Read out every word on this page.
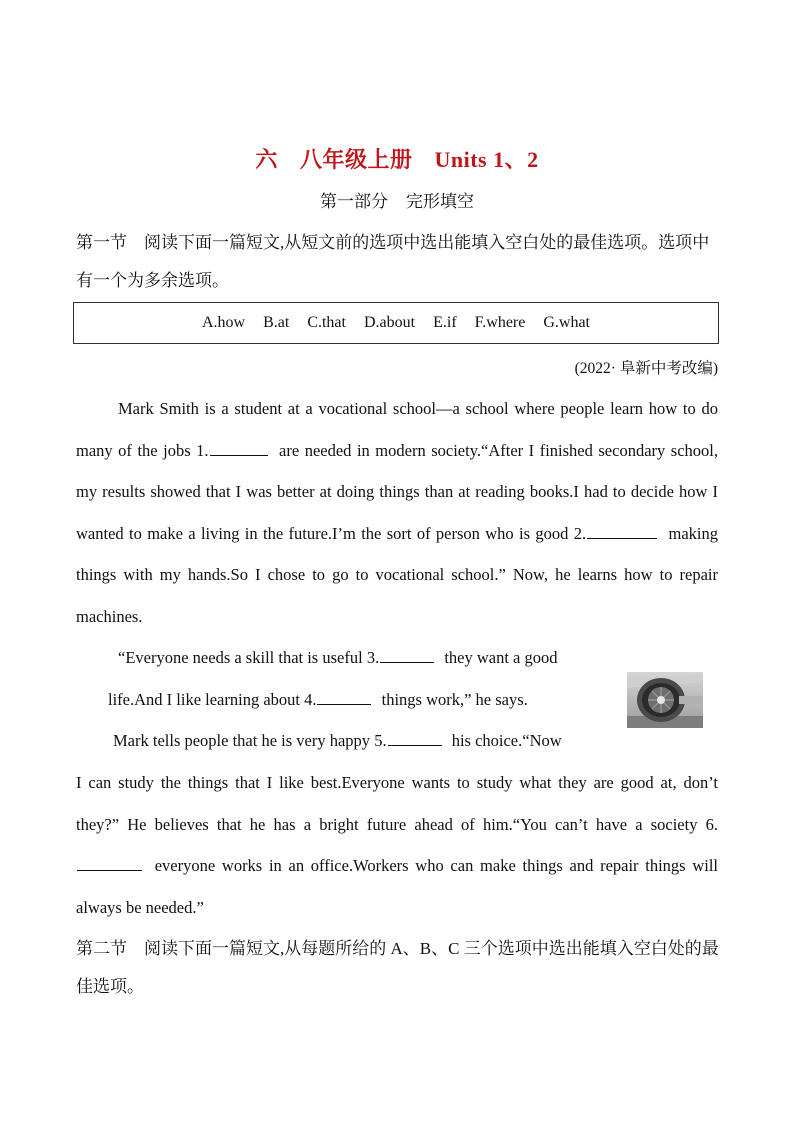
六 八年级上册 Units 1、2
第一部分 完形填空
第一节　阅读下面一篇短文,从短文前的选项中选出能填入空白处的最佳选项。选项中有一个为多余选项。
A.how B.at C.that D.about E.if F.where G.what
(2022· 阜新中考改编)
Mark Smith is a student at a vocational school—a school where people learn how to do many of the jobs 1.	are needed in modern society.“After I finished secondary school, my results showed that I was better at doing things than at reading books.I had to decide how I wanted to make a living in the future.I’m the sort of person who is good 2.	making things with my hands.So I chose to go to vocational school.” Now, he learns how to repair machines.
“Everyone needs a skill that is useful 3.	they want a good
life.And I like learning about 4.	things work,” he says.
Mark tells people that he is very happy 5.	his choice.“Now
I can study the things that I like best.Everyone wants to study what they are good at, don’t they?” He believes that he has a bright future ahead of him.“You can’t have a society 6. everyone works in an office.Workers who can make things and repair things will always be needed.”
第二节　阅读下面一篇短文,从每题所给的 A、B、C 三个选项中选出能填入空白处的最佳选项。
